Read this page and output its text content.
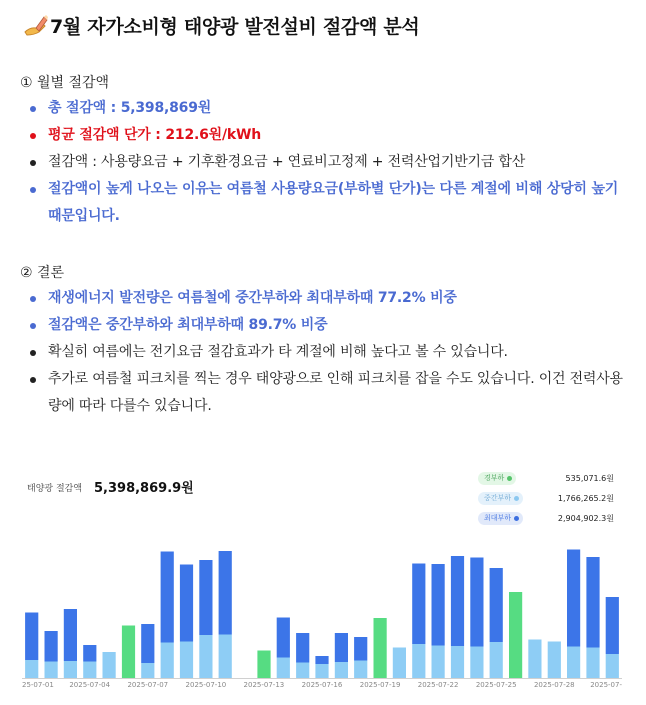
7월 자가소비형 태양광 발전설비 절감액 분석
① 월별 절감액
총 절감액 : 5,398,869원
평균 절감액 단가 : 212.6원/kWh
절감액 : 사용량요금 + 기후환경요금 + 연료비고정제 + 전력산업기반기금 합산
절감액이 높게 나오는 이유는 여름철 사용량요금(부하별 단가)는 다른 계절에 비해 상당히 높기 때문입니다.
② 결론
재생에너지 발전량은 여름철에 중간부하와 최대부하때 77.2% 비중
절감액은 중간부하와 최대부하때 89.7% 비중
확실히 여름에는 전기요금 절감효과가 타 계절에 비해 높다고 볼 수 있습니다.
추가로 여름철 피크치를 찍는 경우 태양광으로 인해 피크치를 잡을 수도 있습니다. 이건 전력사용량에 따라 다를수 있습니다.
태양광 절감액 5,398,869.9원
경부하	535,071.6원
중간부하	1,766,265.2원
최대부하	2,904,902.3원
25-07-01 2025-07-04 2025-07-07 2025-07-10 2025-07-13 2025-07-16 2025-07-19 2025-07-22 2025-07-25 2025-07-28 2025-07-
